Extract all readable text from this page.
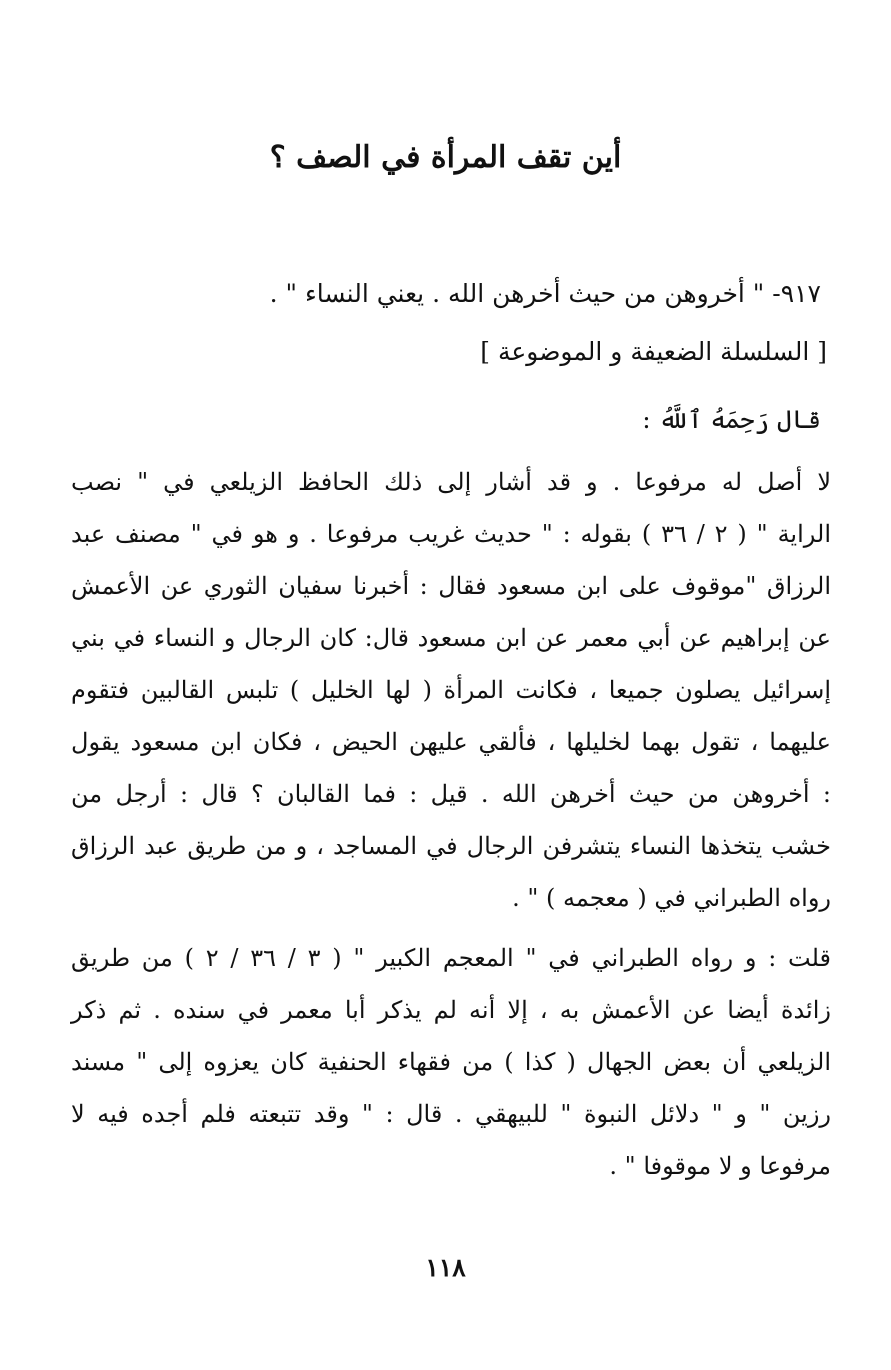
أين تقف المرأة في الصف ؟

٩١٧- " أخروهن من حيث أخرهن الله . يعني النساء " .

[ السلسلة الضعيفة و الموضوعة ]

قال رَحِمَهُ ٱللَّهُ :

لا أصل له مرفوعا . و قد أشار إلى ذلك الحافظ الزيلعي في " نصب
الراية " ( ٢ / ٣٦ ) بقوله : " حديث غريب مرفوعا . و هو في " مصنف عبد
الرزاق "موقوف على ابن مسعود فقال : أخبرنا سفيان الثوري عن الأعمش
عن إبراهيم عن أبي معمر عن ابن مسعود قال: كان الرجال و النساء في بني
إسرائيل يصلون جميعا ، فكانت المرأة ( لها الخليل ) تلبس القالبين فتقوم
عليهما ، تقول بهما لخليلها ، فألقي عليهن الحيض ، فكان ابن مسعود يقول
: أخروهن من حيث أخرهن الله . قيل : فما القالبان ؟ قال : أرجل من
خشب يتخذها النساء يتشرفن الرجال في المساجد ، و من طريق عبد الرزاق
رواه الطبراني في ( معجمه ) " .
قلت : و رواه الطبراني في " المعجم الكبير " ( ٣ / ٣٦ / ٢ ) من طريق
زائدة أيضا عن الأعمش به ، إلا أنه لم يذكر أبا معمر في سنده . ثم ذكر
الزيلعي أن بعض الجهال ( كذا ) من فقهاء الحنفية كان يعزوه إلى " مسند
رزين " و " دلائل النبوة " للبيهقي . قال : " وقد تتبعته فلم أجده فيه لا
مرفوعا و لا موقوفا " .

١١٨
